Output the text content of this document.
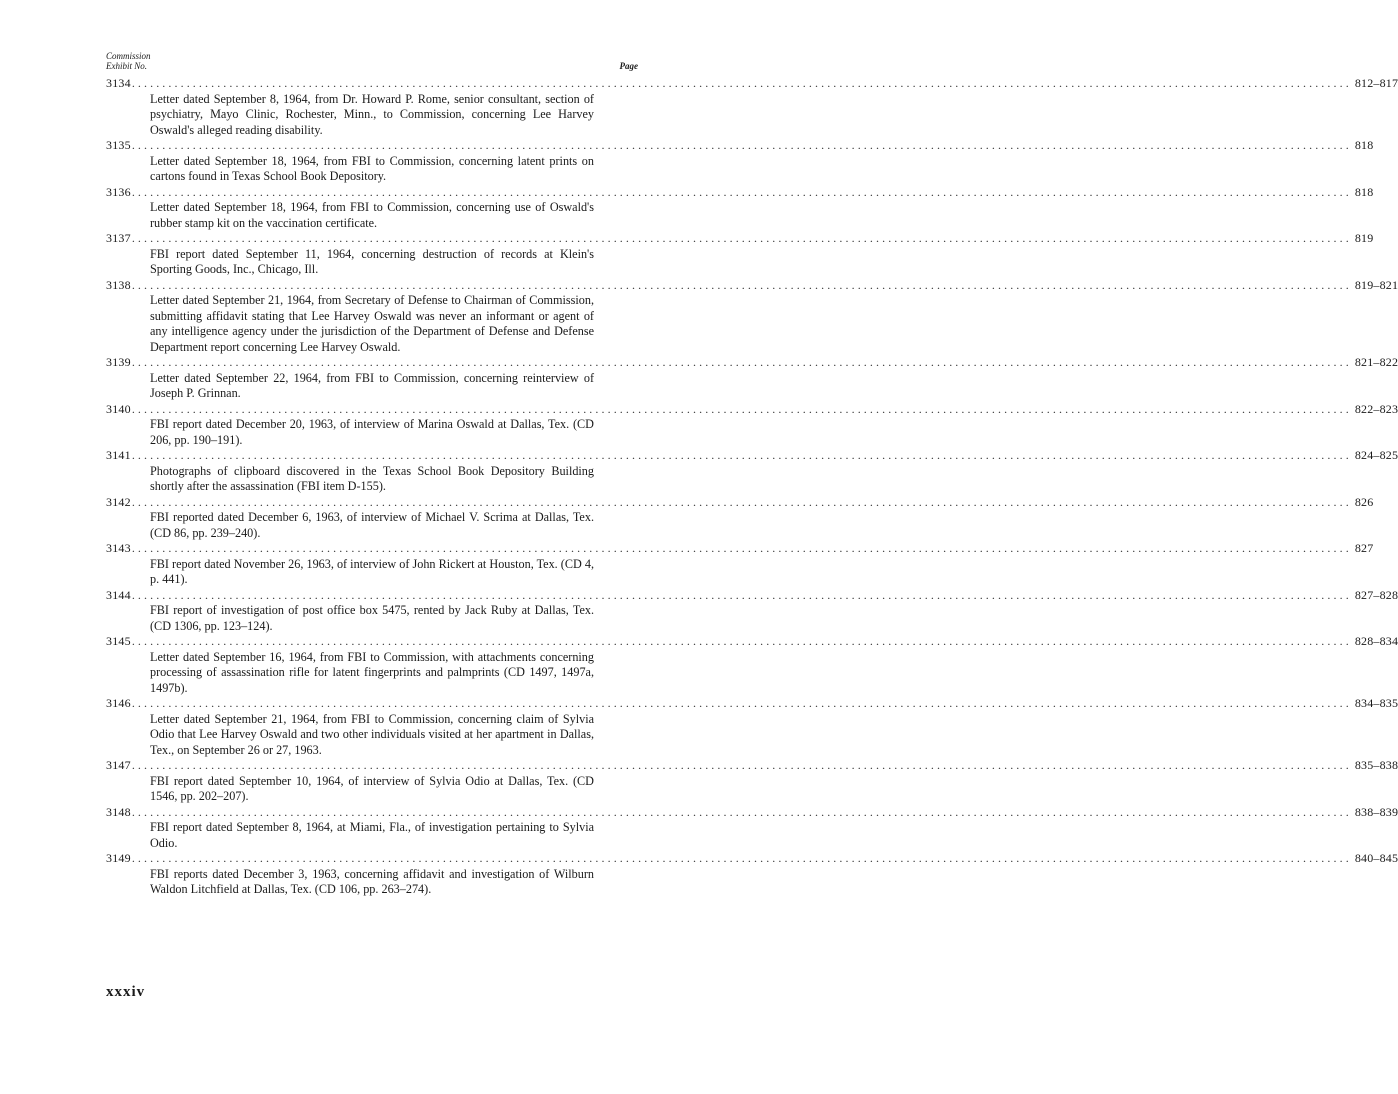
Commission
Exhibit No.	Page
3134 ........................................................................................................................................................................................................ 812–817

Letter dated September 8, 1964, from Dr. Howard P. Rome, senior consultant, section of psychiatry, Mayo Clinic, Rochester, Minn., to Commission, concerning Lee Harvey Oswald's alleged reading disability.

3135 ........................................................................................................................................................................................................ 818

Letter dated September 18, 1964, from FBI to Commission, concerning latent prints on cartons found in Texas School Book Depository.

3136 ........................................................................................................................................................................................................ 818

Letter dated September 18, 1964, from FBI to Commission, concerning use of Oswald's rubber stamp kit on the vaccination certificate.

3137 ........................................................................................................................................................................................................ 819

FBI report dated September 11, 1964, concerning destruction of records at Klein's Sporting Goods, Inc., Chicago, Ill.

3138 ........................................................................................................................................................................................................ 819–821

Letter dated September 21, 1964, from Secretary of Defense to Chairman of Commission, submitting affidavit stating that Lee Harvey Oswald was never an informant or agent of any intelligence agency under the jurisdiction of the Department of Defense and Defense Department report concerning Lee Harvey Oswald.

3139 ........................................................................................................................................................................................................ 821–822

Letter dated September 22, 1964, from FBI to Commission, concerning reinterview of Joseph P. Grinnan.

3140 ........................................................................................................................................................................................................ 822–823

FBI report dated December 20, 1963, of interview of Marina Oswald at Dallas, Tex. (CD 206, pp. 190–191).

3141 ........................................................................................................................................................................................................ 824–825

Photographs of clipboard discovered in the Texas School Book Depository Building shortly after the assassination (FBI item D-155).

3142 ........................................................................................................................................................................................................ 826

FBI reported dated December 6, 1963, of interview of Michael V. Scrima at Dallas, Tex. (CD 86, pp. 239–240).

3143 ........................................................................................................................................................................................................ 827

FBI report dated November 26, 1963, of interview of John Rickert at Houston, Tex. (CD 4, p. 441).

3144 ........................................................................................................................................................................................................ 827–828

FBI report of investigation of post office box 5475, rented by Jack Ruby at Dallas, Tex. (CD 1306, pp. 123–124).

3145 ........................................................................................................................................................................................................ 828–834

Letter dated September 16, 1964, from FBI to Commission, with attachments concerning processing of assassination rifle for latent fingerprints and palmprints (CD 1497, 1497a, 1497b).

3146 ........................................................................................................................................................................................................ 834–835

Letter dated September 21, 1964, from FBI to Commission, concerning claim of Sylvia Odio that Lee Harvey Oswald and two other individuals visited at her apartment in Dallas, Tex., on September 26 or 27, 1963.

3147 ........................................................................................................................................................................................................ 835–838

FBI report dated September 10, 1964, of interview of Sylvia Odio at Dallas, Tex. (CD 1546, pp. 202–207).

3148 ........................................................................................................................................................................................................ 838–839

FBI report dated September 8, 1964, at Miami, Fla., of investigation pertaining to Sylvia Odio.

3149 ........................................................................................................................................................................................................ 840–845

FBI reports dated December 3, 1963, concerning affidavit and investigation of Wilburn Waldon Litchfield at Dallas, Tex. (CD 106, pp. 263–274).

xxxiv
